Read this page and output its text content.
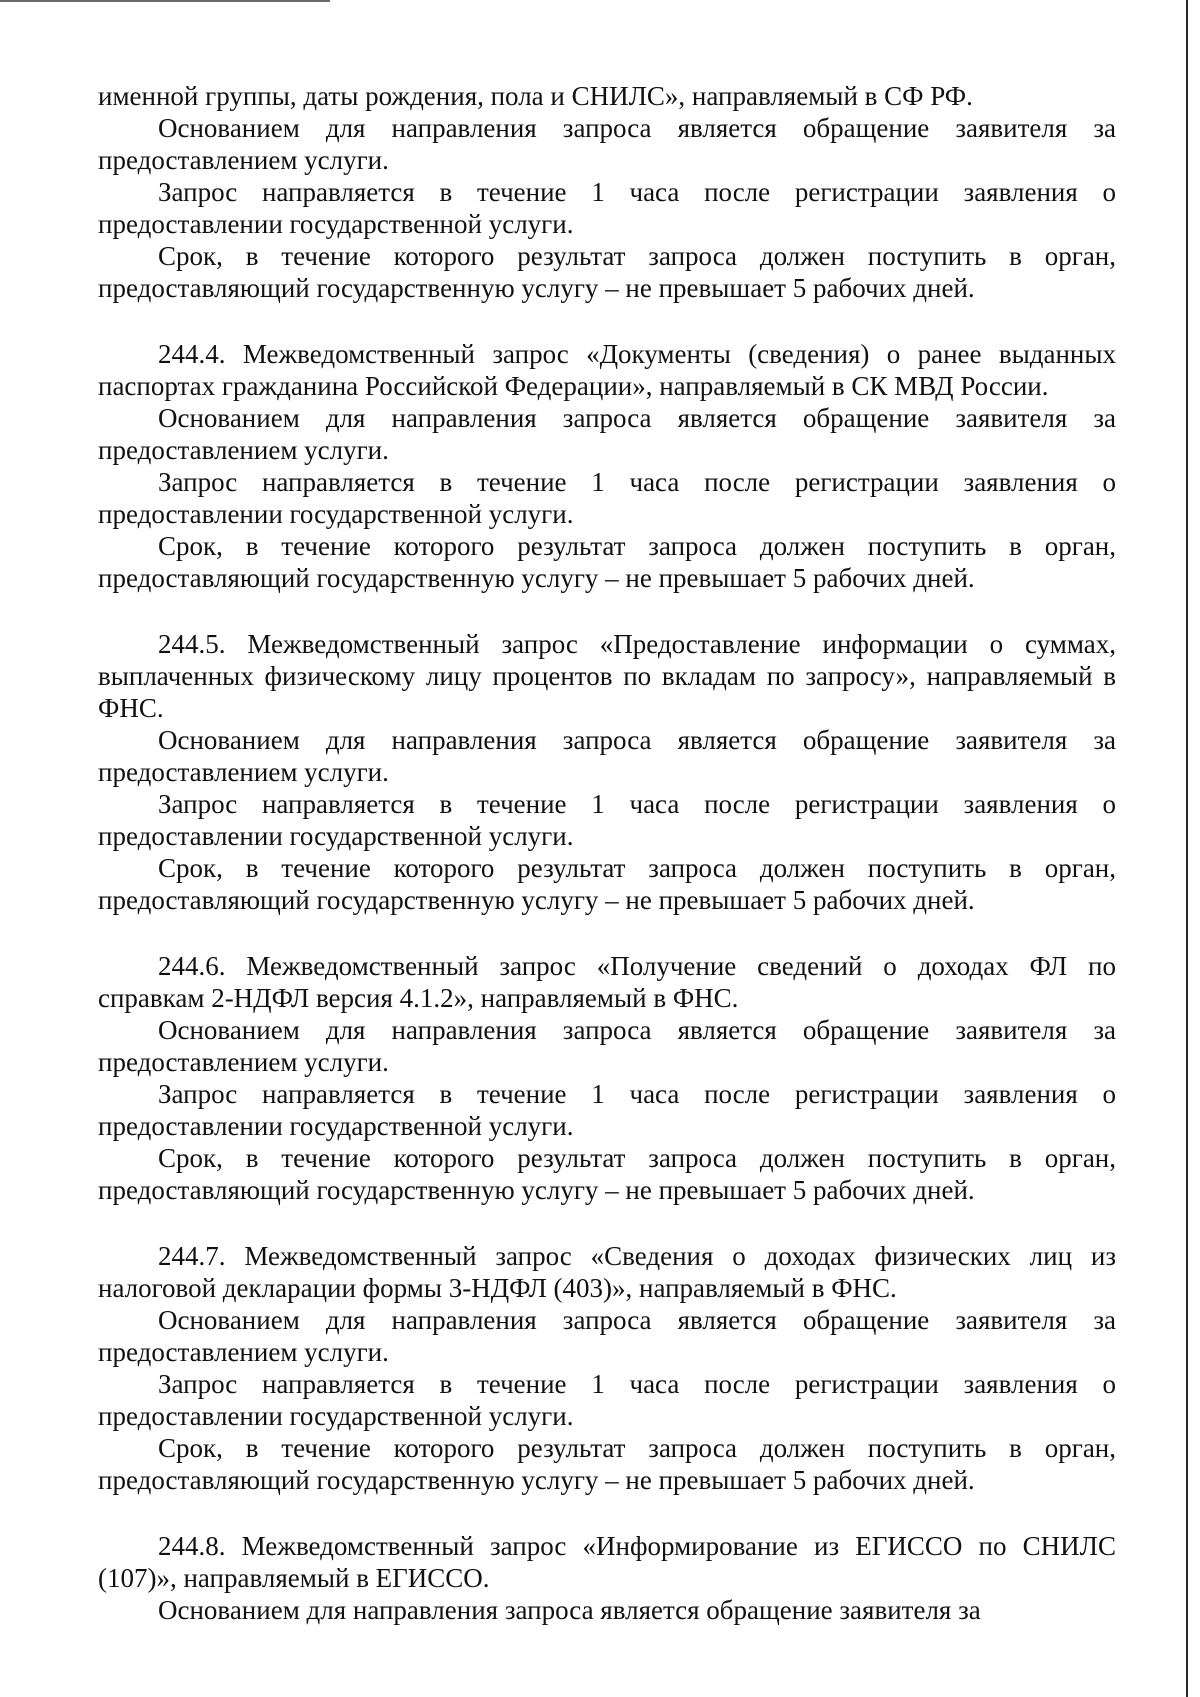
именной группы, даты рождения, пола и СНИЛС», направляемый в СФ РФ.

Основанием для направления запроса является обращение заявителя за предоставлением услуги.

Запрос направляется в течение 1 часа после регистрации заявления о предоставлении государственной услуги.

Срок, в течение которого результат запроса должен поступить в орган, предоставляющий государственную услугу – не превышает 5 рабочих дней.

244.4. Межведомственный запрос «Документы (сведения) о ранее выданных паспортах гражданина Российской Федерации», направляемый в СК МВД России.

Основанием для направления запроса является обращение заявителя за предоставлением услуги.

Запрос направляется в течение 1 часа после регистрации заявления о предоставлении государственной услуги.

Срок, в течение которого результат запроса должен поступить в орган, предоставляющий государственную услугу – не превышает 5 рабочих дней.

244.5. Межведомственный запрос «Предоставление информации о суммах, выплаченных физическому лицу процентов по вкладам по запросу», направляемый в ФНС.

Основанием для направления запроса является обращение заявителя за предоставлением услуги.

Запрос направляется в течение 1 часа после регистрации заявления о предоставлении государственной услуги.

Срок, в течение которого результат запроса должен поступить в орган, предоставляющий государственную услугу – не превышает 5 рабочих дней.

244.6. Межведомственный запрос «Получение сведений о доходах ФЛ по справкам 2-НДФЛ версия 4.1.2», направляемый в ФНС.

Основанием для направления запроса является обращение заявителя за предоставлением услуги.

Запрос направляется в течение 1 часа после регистрации заявления о предоставлении государственной услуги.

Срок, в течение которого результат запроса должен поступить в орган, предоставляющий государственную услугу – не превышает 5 рабочих дней.

244.7. Межведомственный запрос «Сведения о доходах физических лиц из налоговой декларации формы 3-НДФЛ (403)», направляемый в ФНС.

Основанием для направления запроса является обращение заявителя за предоставлением услуги.

Запрос направляется в течение 1 часа после регистрации заявления о предоставлении государственной услуги.

Срок, в течение которого результат запроса должен поступить в орган, предоставляющий государственную услугу – не превышает 5 рабочих дней.

244.8. Межведомственный запрос «Информирование из ЕГИССО по СНИЛС (107)», направляемый в ЕГИССО.

Основанием для направления запроса является обращение заявителя за
